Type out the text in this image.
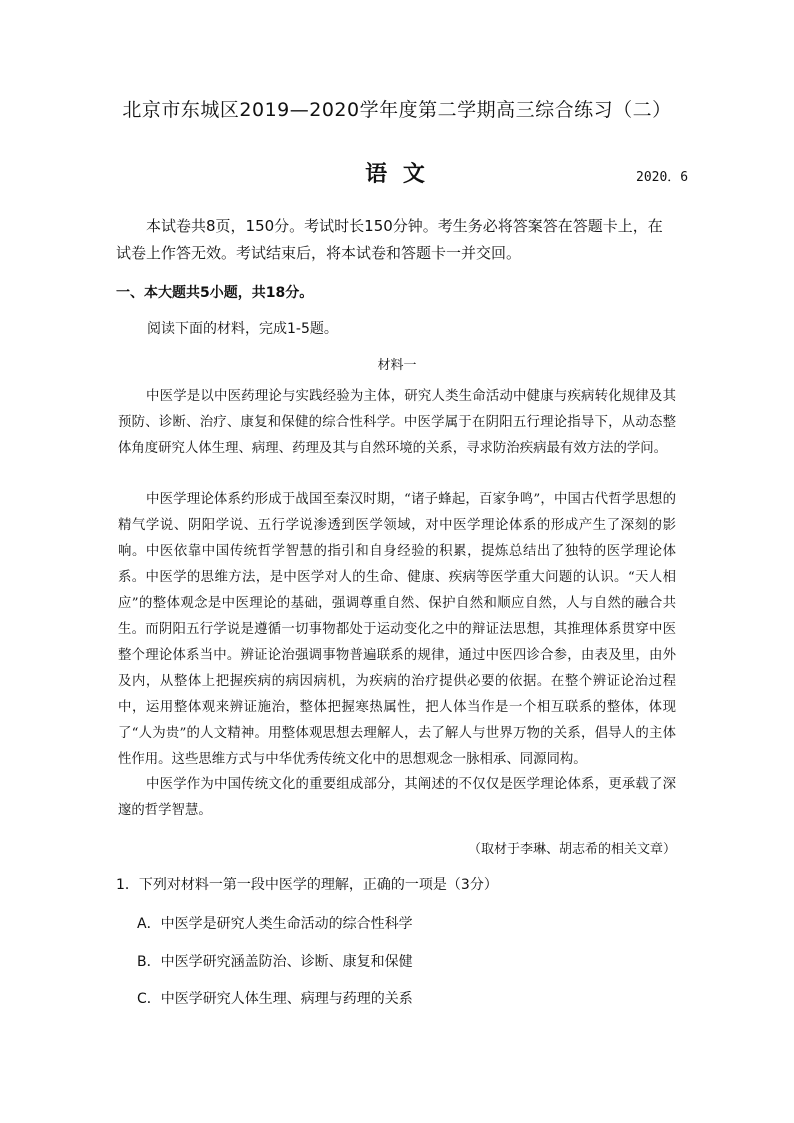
北京市东城区2019—2020学年度第二学期高三综合练习（二）
语 文	2020．6
本试卷共8页，150分。考试时长150分钟。考生务必将答案答在答题卡上，在试卷上作答无效。考试结束后，将本试卷和答题卡一并交回。
一、本大题共5小题，共18分。
阅读下面的材料，完成1-5题。
材料一
中医学是以中医药理论与实践经验为主体，研究人类生命活动中健康与疾病转化规律及其预防、诊断、治疗、康复和保健的综合性科学。中医学属于在阴阳五行理论指导下，从动态整体角度研究人体生理、病理、药理及其与自然环境的关系，寻求防治疾病最有效方法的学问。
中医学理论体系约形成于战国至秦汉时期，“诸子蜂起，百家争鸣”，中国古代哲学思想的精气学说、阴阳学说、五行学说渗透到医学领域，对中医学理论体系的形成产生了深刻的影响。中医依靠中国传统哲学智慧的指引和自身经验的积累，提炼总结出了独特的医学理论体系。中医学的思维方法，是中医学对人的生命、健康、疾病等医学重大问题的认识。“天人相应”的整体观念是中医理论的基础，强调尊重自然、保护自然和顺应自然，人与自然的融合共生。而阴阳五行学说是遵循一切事物都处于运动变化之中的辩证法思想，其推理体系贯穿中医整个理论体系当中。辨证论治强调事物普遍联系的规律，通过中医四诊合参，由表及里，由外及内，从整体上把握疾病的病因病机，为疾病的治疗提供必要的依据。在整个辨证论治过程中，运用整体观来辨证施治，整体把握寒热属性，把人体当作是一个相互联系的整体，体现了“人为贵”的人文精神。用整体观思想去理解人，去了解人与世界万物的关系，倡导人的主体性作用。这些思维方式与中华优秀传统文化中的思想观念一脉相承、同源同构。
中医学作为中国传统文化的重要组成部分，其阐述的不仅仅是医学理论体系，更承载了深邃的哲学智慧。
（取材于李琳、胡志希的相关文章）
1．下列对材料一第一段中医学的理解，正确的一项是（3分）
A．中医学是研究人类生命活动的综合性科学
B．中医学研究涵盖防治、诊断、康复和保健
C．中医学研究人体生理、病理与药理的关系
